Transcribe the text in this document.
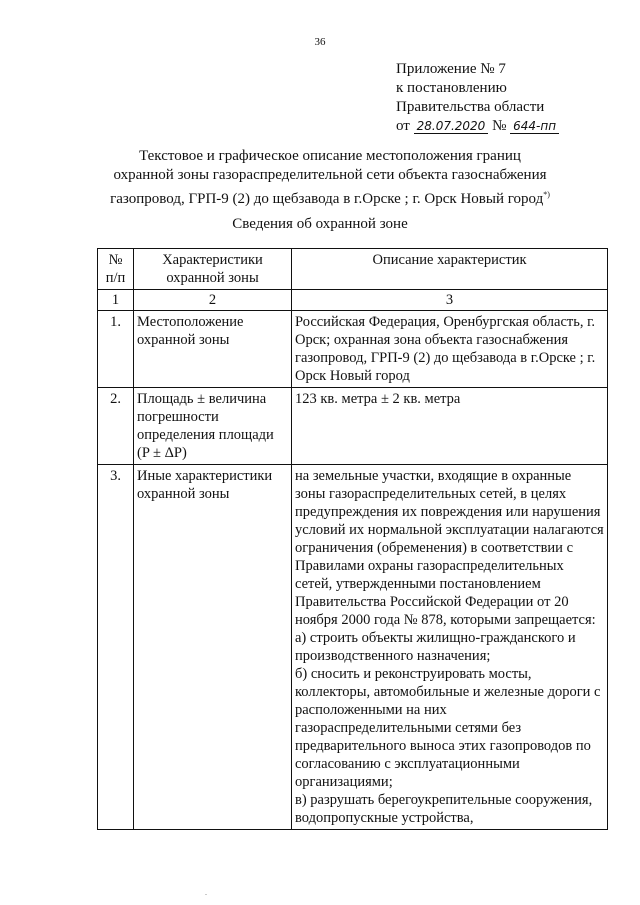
36
Приложение № 7
к постановлению
Правительства области
от 28.07.2020 № 644-пп
Текстовое и графическое описание местоположения границ
охранной зоны газораспределительной сети объекта газоснабжения
газопровод, ГРП-9 (2) до щебзавода в г.Орске ; г. Орск Новый город*)
Сведения об охранной зоне
№ п/п	Характеристики охранной зоны	Описание характеристик
1	2	3
1.	Местоположение охранной зоны	Российская Федерация, Оренбургская область, г. Орск; охранная зона объекта газоснабжения газопровод, ГРП-9 (2) до щебзавода в г.Орске ; г. Орск Новый город
2.	Площадь ± величина погрешности определения площади (P ± ΔP)	123 кв. метра ± 2 кв. метра
3.	Иные характеристики охранной зоны	на земельные участки, входящие в охранные зоны газораспределительных сетей, в целях предупреждения их повреждения или нарушения условий их нормальной эксплуатации налагаются ограничения (обременения) в соответствии с Правилами охраны газораспределительных сетей, утвержденными постановлением Правительства Российской Федерации от 20 ноября 2000 года № 878, которыми запрещается:
а) строить объекты жилищно-гражданского и производственного назначения;
б) сносить и реконструировать мосты, коллекторы, автомобильные и железные дороги с расположенными на них газораспределительными сетями без предварительного выноса этих газопроводов по согласованию с эксплуатационными организациями;
в) разрушать берегоукрепительные сооружения, водопропускные устройства,
.
